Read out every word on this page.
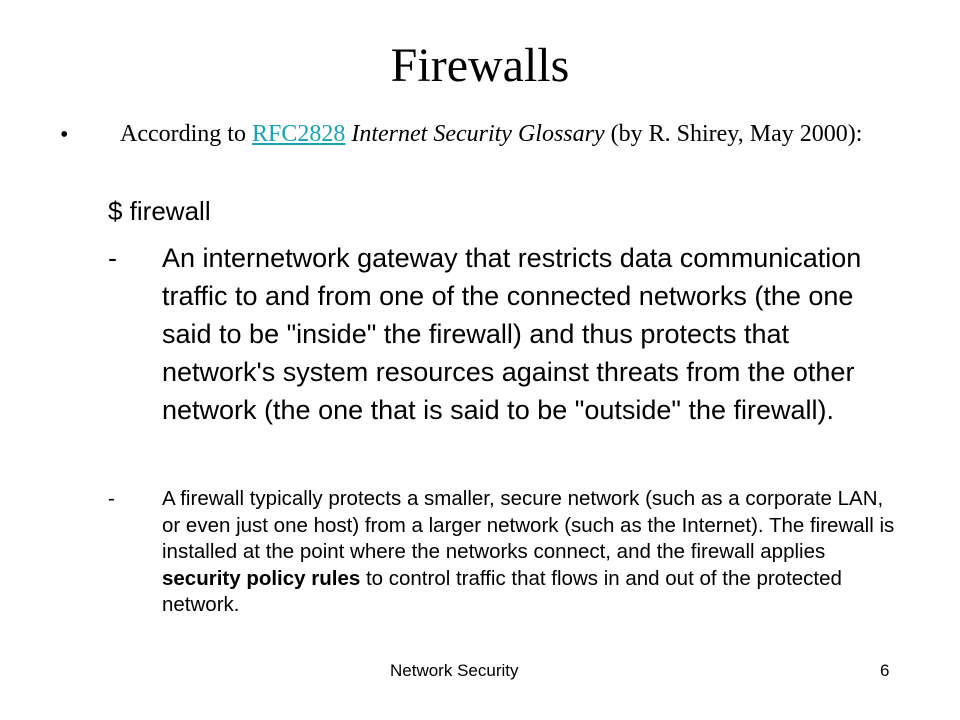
Firewalls
• According to RFC2828 Internet Security Glossary (by R. Shirey, May 2000):
$ firewall
- An internetwork gateway that restricts data communication traffic to and from one of the connected networks (the one said to be "inside" the firewall) and thus protects that network's system resources against threats from the other network (the one that is said to be "outside" the firewall).
- A firewall typically protects a smaller, secure network (such as a corporate LAN, or even just one host) from a larger network (such as the Internet). The firewall is installed at the point where the networks connect, and the firewall applies security policy rules to control traffic that flows in and out of the protected network.
Network Security	6
